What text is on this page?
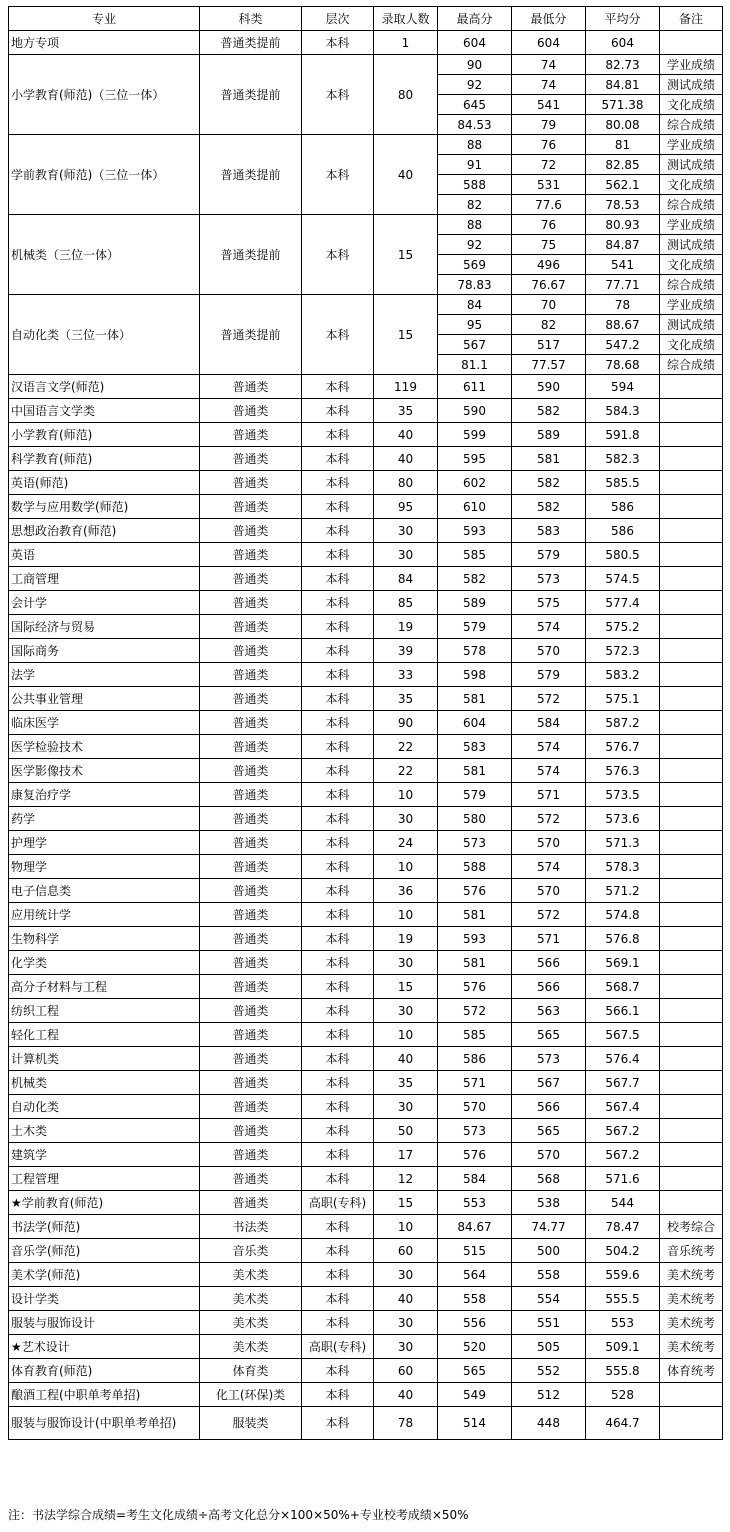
专业	科类	层次	录取人数	最高分	最低分	平均分	备注
地方专项	普通类提前	本科	1	604	604	604	
小学教育(师范)（三位一体）	普通类提前	本科	80	90	74	82.73	学业成绩
				92	74	84.81	测试成绩
				645	541	571.38	文化成绩
				84.53	79	80.08	综合成绩
学前教育(师范)（三位一体）	普通类提前	本科	40	88	76	81	学业成绩
				91	72	82.85	测试成绩
				588	531	562.1	文化成绩
				82	77.6	78.53	综合成绩
机械类（三位一体）	普通类提前	本科	15	88	76	80.93	学业成绩
				92	75	84.87	测试成绩
				569	496	541	文化成绩
				78.83	76.67	77.71	综合成绩
自动化类（三位一体）	普通类提前	本科	15	84	70	78	学业成绩
				95	82	88.67	测试成绩
				567	517	547.2	文化成绩
				81.1	77.57	78.68	综合成绩
汉语言文学(师范)	普通类	本科	119	611	590	594	
中国语言文学类	普通类	本科	35	590	582	584.3	
小学教育(师范)	普通类	本科	40	599	589	591.8	
科学教育(师范)	普通类	本科	40	595	581	582.3	
英语(师范)	普通类	本科	80	602	582	585.5	
数学与应用数学(师范)	普通类	本科	95	610	582	586	
思想政治教育(师范)	普通类	本科	30	593	583	586	
英语	普通类	本科	30	585	579	580.5	
工商管理	普通类	本科	84	582	573	574.5	
会计学	普通类	本科	85	589	575	577.4	
国际经济与贸易	普通类	本科	19	579	574	575.2	
国际商务	普通类	本科	39	578	570	572.3	
法学	普通类	本科	33	598	579	583.2	
公共事业管理	普通类	本科	35	581	572	575.1	
临床医学	普通类	本科	90	604	584	587.2	
医学检验技术	普通类	本科	22	583	574	576.7	
医学影像技术	普通类	本科	22	581	574	576.3	
康复治疗学	普通类	本科	10	579	571	573.5	
药学	普通类	本科	30	580	572	573.6	
护理学	普通类	本科	24	573	570	571.3	
物理学	普通类	本科	10	588	574	578.3	
电子信息类	普通类	本科	36	576	570	571.2	
应用统计学	普通类	本科	10	581	572	574.8	
生物科学	普通类	本科	19	593	571	576.8	
化学类	普通类	本科	30	581	566	569.1	
高分子材料与工程	普通类	本科	15	576	566	568.7	
纺织工程	普通类	本科	30	572	563	566.1	
轻化工程	普通类	本科	10	585	565	567.5	
计算机类	普通类	本科	40	586	573	576.4	
机械类	普通类	本科	35	571	567	567.7	
自动化类	普通类	本科	30	570	566	567.4	
土木类	普通类	本科	50	573	565	567.2	
建筑学	普通类	本科	17	576	570	567.2	
工程管理	普通类	本科	12	584	568	571.6	
★学前教育(师范)	普通类	高职(专科)	15	553	538	544	
书法学(师范)	书法类	本科	10	84.67	74.77	78.47	校考综合
音乐学(师范)	音乐类	本科	60	515	500	504.2	音乐统考
美术学(师范)	美术类	本科	30	564	558	559.6	美术统考
设计学类	美术类	本科	40	558	554	555.5	美术统考
服装与服饰设计	美术类	本科	30	556	551	553	美术统考
★艺术设计	美术类	高职(专科)	30	520	505	509.1	美术统考
体育教育(师范)	体育类	本科	60	565	552	555.8	体育统考
酿酒工程(中职单考单招)	化工(环保)类	本科	40	549	512	528	
服装与服饰设计(中职单考单招)	服装类	本科	78	514	448	464.7	
注：书法学综合成绩=考生文化成绩÷高考文化总分×100×50%+专业校考成绩×50%
